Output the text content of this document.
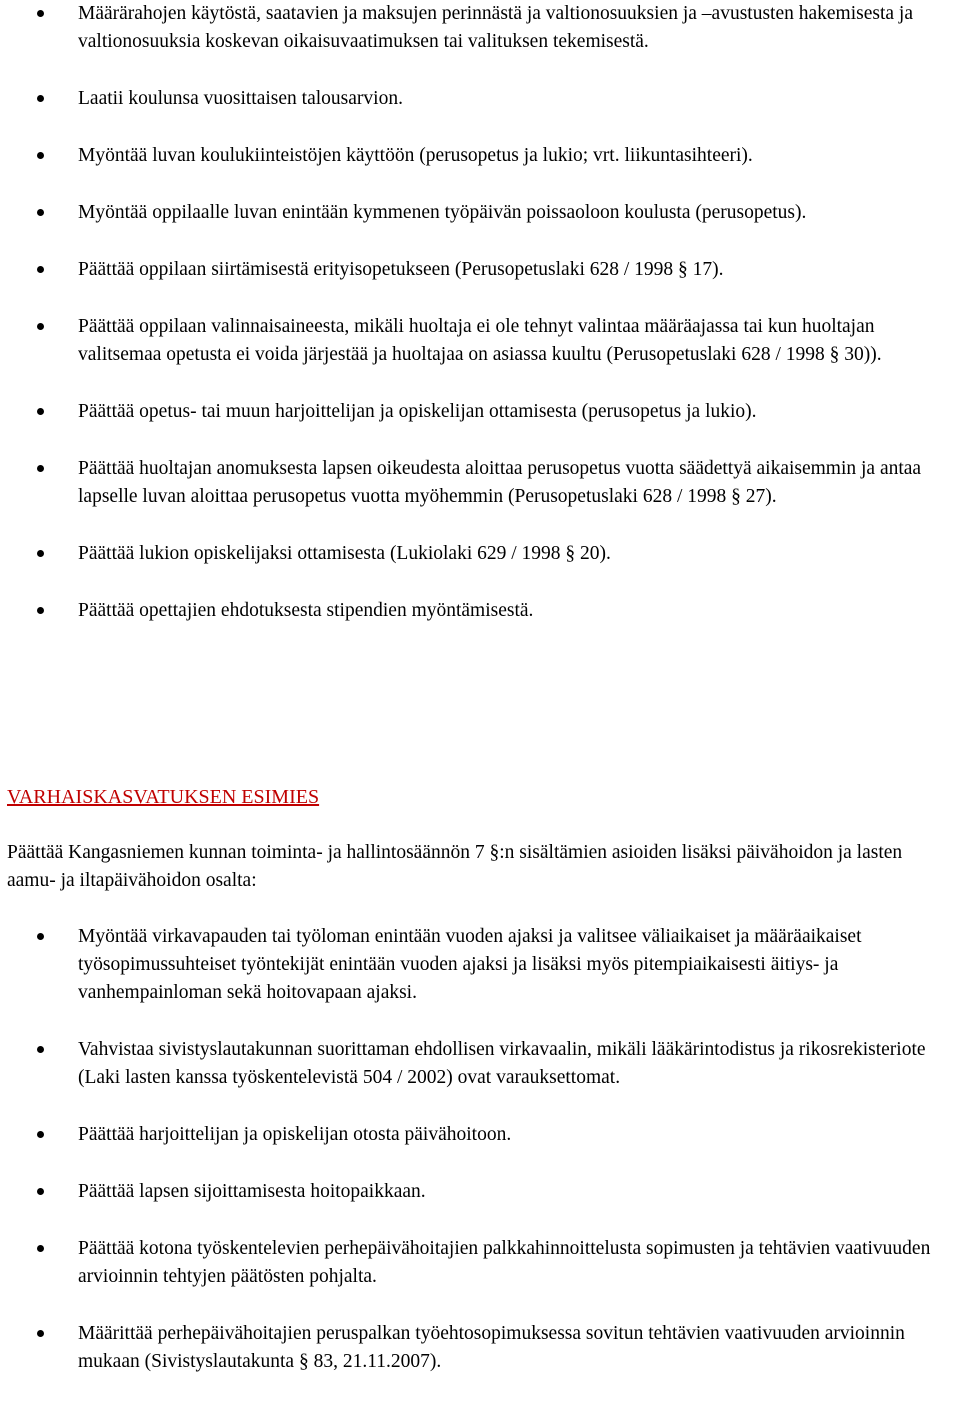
Määrärahojen käytöstä, saatavien ja maksujen perinnästä ja valtionosuuksien ja –avustusten hakemisesta ja valtionosuuksia koskevan oikaisuvaatimuksen tai valituksen tekemisestä.
Laatii koulunsa vuosittaisen talousarvion.
Myöntää luvan koulukiinteistöjen käyttöön (perusopetus ja lukio; vrt. liikuntasihteeri).
Myöntää oppilaalle luvan enintään kymmenen työpäivän poissaoloon koulusta (perusopetus).
Päättää oppilaan siirtämisestä erityisopetukseen (Perusopetuslaki 628 / 1998 § 17).
Päättää oppilaan valinnaisaineesta, mikäli huoltaja ei ole tehnyt valintaa määräajassa tai kun huoltajan valitsemaa opetusta ei voida järjestää ja huoltajaa on asiassa kuultu (Perusopetuslaki 628 / 1998 § 30)).
Päättää opetus- tai muun harjoittelijan ja opiskelijan ottamisesta (perusopetus ja lukio).
Päättää huoltajan anomuksesta lapsen oikeudesta aloittaa perusopetus vuotta säädettyä aikaisemmin ja antaa lapselle luvan aloittaa perusopetus vuotta myöhemmin (Perusopetuslaki 628 / 1998 § 27).
Päättää lukion opiskelijaksi ottamisesta (Lukiolaki 629 / 1998 § 20).
Päättää opettajien ehdotuksesta stipendien myöntämisestä.
VARHAISKASVATUKSEN ESIMIES
Päättää Kangasniemen kunnan toiminta- ja hallintosäännön 7 §:n sisältämien asioiden lisäksi päivähoidon ja lasten aamu- ja iltapäivähoidon osalta:
Myöntää virkavapauden tai työloman enintään vuoden ajaksi ja valitsee väliaikaiset ja määräaikaiset työsopimussuhteiset työntekijät enintään vuoden ajaksi ja lisäksi myös pitempiaikaisesti äitiys- ja vanhempainloman sekä hoitovapaan ajaksi.
Vahvistaa sivistyslautakunnan suorittaman ehdollisen virkavaalin, mikäli lääkärintodistus ja rikosrekisteriote (Laki lasten kanssa työskentelevistä 504 / 2002) ovat varauksettomat.
Päättää harjoittelijan ja opiskelijan otosta päivähoitoon.
Päättää lapsen sijoittamisesta hoitopaikkaan.
Päättää kotona työskentelevien perhepäivähoitajien palkkahinnoittelusta sopimusten ja tehtävien vaativuuden arvioinnin tehtyjen päätösten pohjalta.
Määrittää perhepäivähoitajien peruspalkan työehtosopimuksessa sovitun tehtävien vaativuuden arvioinnin mukaan (Sivistyslautakunta § 83, 21.11.2007).
